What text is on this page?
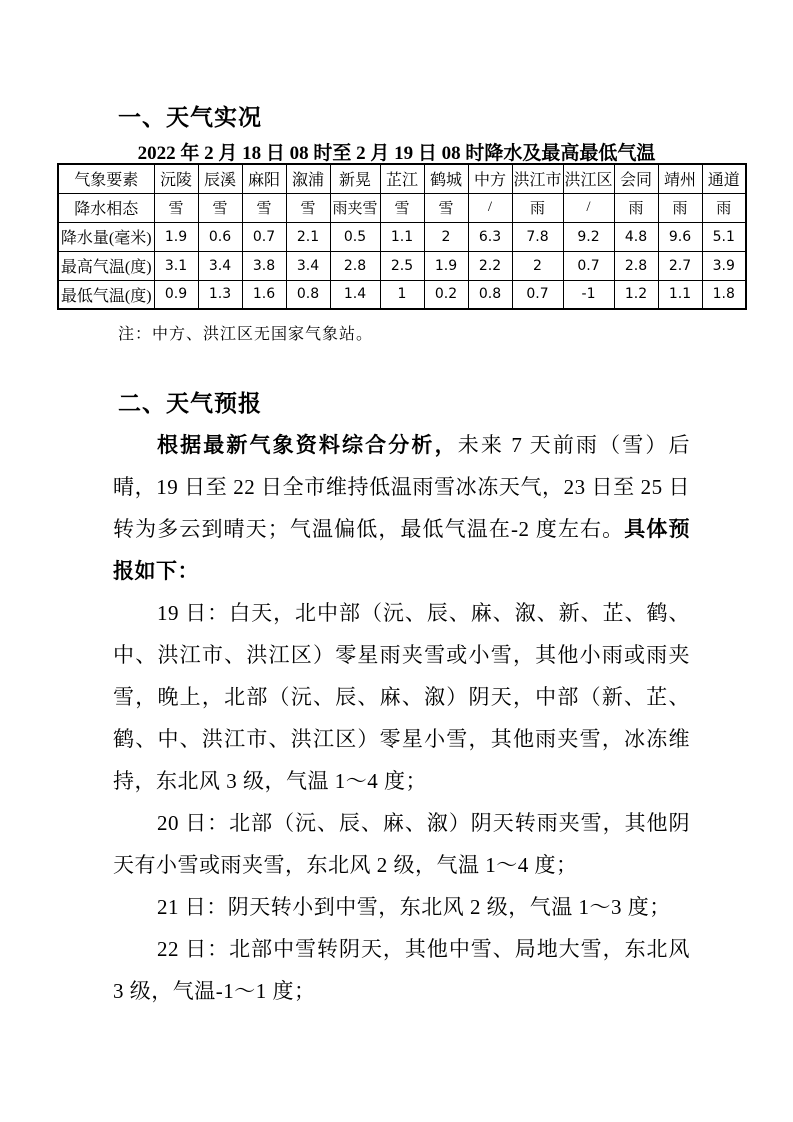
一、天气实况
2022 年 2 月 18 日 08 时至 2 月 19 日 08 时降水及最高最低气温
气象要素	沅陵	辰溪	麻阳	溆浦	新晃	芷江	鹤城	中方	洪江市	洪江区	会同	靖州	通道
降水相态	雪	雪	雪	雪	雨夹雪	雪	雪	/	雨	/	雨	雨	雨
降水量(毫米)	1.9	0.6	0.7	2.1	0.5	1.1	2	6.3	7.8	9.2	4.8	9.6	5.1
最高气温(度)	3.1	3.4	3.8	3.4	2.8	2.5	1.9	2.2	2	0.7	2.8	2.7	3.9
最低气温(度)	0.9	1.3	1.6	0.8	1.4	1	0.2	0.8	0.7	-1	1.2	1.1	1.8
注：中方、洪江区无国家气象站。
二、天气预报

根据最新气象资料综合分析，未来 7 天前雨（雪）后晴，19 日至 22 日全市维持低温雨雪冰冻天气，23 日至 25 日转为多云到晴天；气温偏低，最低气温在-2 度左右。具体预报如下：

19 日：白天，北中部（沅、辰、麻、溆、新、芷、鹤、中、洪江市、洪江区）零星雨夹雪或小雪，其他小雨或雨夹雪，晚上，北部（沅、辰、麻、溆）阴天，中部（新、芷、鹤、中、洪江市、洪江区）零星小雪，其他雨夹雪，冰冻维持，东北风 3 级，气温 1～4 度；

20 日：北部（沅、辰、麻、溆）阴天转雨夹雪，其他阴天有小雪或雨夹雪，东北风 2 级，气温 1～4 度；

21 日：阴天转小到中雪，东北风 2 级，气温 1～3 度；

22 日：北部中雪转阴天，其他中雪、局地大雪，东北风 3 级，气温-1～1 度；
